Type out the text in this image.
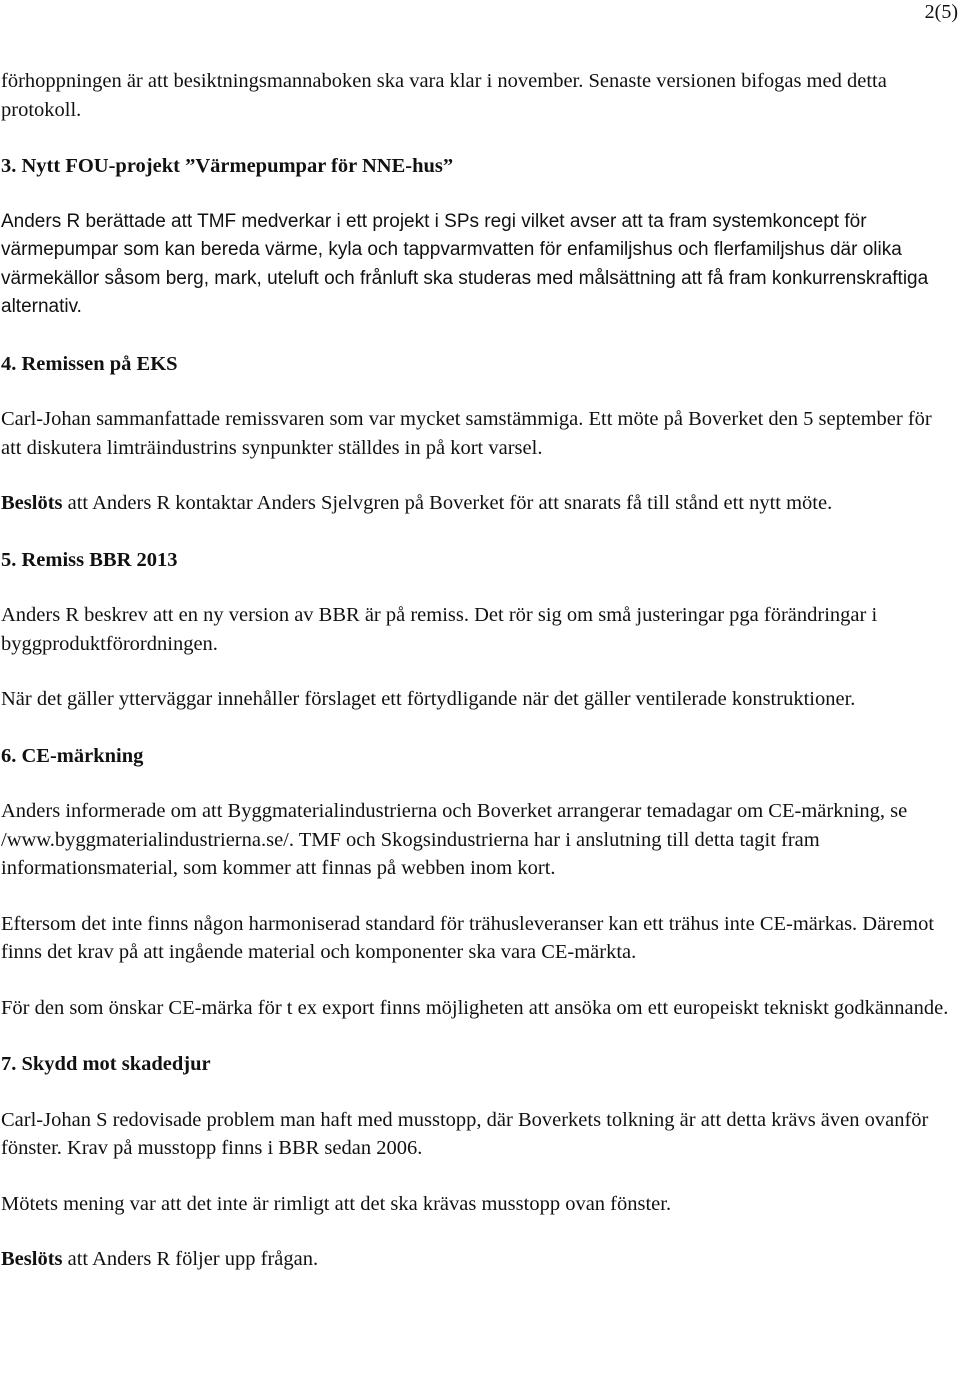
2(5)

förhoppningen är att besiktningsmannaboken ska vara klar i november. Senaste versionen bifogas med detta protokoll.

3. Nytt FOU-projekt ”Värmepumpar för NNE-hus”

Anders R berättade att TMF medverkar i ett projekt i SPs regi vilket avser att ta fram systemkoncept för värmepumpar som kan bereda värme, kyla och tappvarmvatten för enfamiljshus och flerfamiljshus där olika värmekällor såsom berg, mark, uteluft och frånluft ska studeras med målsättning att få fram konkurrenskraftiga alternativ.

4. Remissen på EKS

Carl-Johan sammanfattade remissvaren som var mycket samstämmiga. Ett möte på Boverket den 5 september för att diskutera limträindustrins synpunkter ställdes in på kort varsel.

Beslöts att Anders R kontaktar Anders Sjelvgren på Boverket för att snarats få till stånd ett nytt möte.

5. Remiss BBR 2013

Anders R beskrev att en ny version av BBR är på remiss. Det rör sig om små justeringar pga förändringar i byggproduktförordningen.

När det gäller ytterväggar innehåller förslaget ett förtydligande när det gäller ventilerade konstruktioner.

6. CE-märkning

Anders informerade om att Byggmaterialindustrierna och Boverket arrangerar temadagar om CE-märkning, se /www.byggmaterialindustrierna.se/. TMF och Skogsindustrierna har i anslutning till detta tagit fram informationsmaterial, som kommer att finnas på webben inom kort.

Eftersom det inte finns någon harmoniserad standard för trähusleveranser kan ett trähus inte CE-märkas. Däremot finns det krav på att ingående material och komponenter ska vara CE-märkta.

För den som önskar CE-märka för t ex export finns möjligheten att ansöka om ett europeiskt tekniskt godkännande.

7. Skydd mot skadedjur

Carl-Johan S redovisade problem man haft med musstopp, där Boverkets tolkning är att detta krävs även ovanför fönster. Krav på musstopp finns i BBR sedan 2006.

Mötets mening var att det inte är rimligt att det ska krävas musstopp ovan fönster.

Beslöts att Anders R följer upp frågan.
